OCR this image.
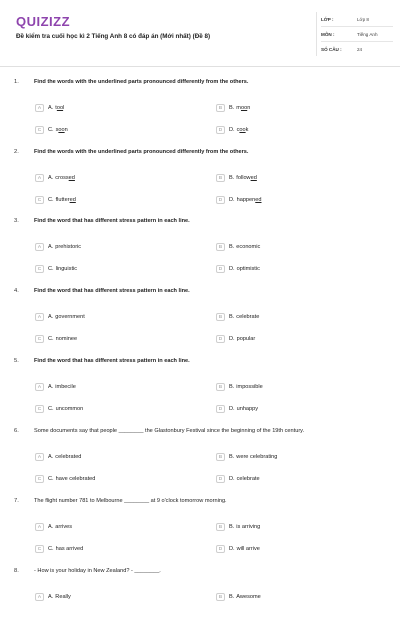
QUIZIZZ
Đề kiểm tra cuối học kì 2 Tiếng Anh 8 có đáp án (Mới nhất) (Đề 8)
LỚP :	Lớp 8
MÔN :	Tiếng Anh
SỐ CÂU :	24
1.	Find the words with the underlined parts pronounced differently from the others.
A	A. tool	B	B. moon
C	C. soon	D	D. cook
2.	Find the words with the underlined parts pronounced differently from the others.
A	A. crossed	B	B. followed
C	C. fluttered	D	D. happened
3.	Find the word that has different stress pattern in each line.
A	A. prehistoric	B	B. economic
C	C. linguistic	D	D. optimistic
4.	Find the word that has different stress pattern in each line.
A	A. government	B	B. celebrate
C	C. nominee	D	D. popular
5.	Find the word that has different stress pattern in each line.
A	A. imbecile	B	B. impossible
C	C. uncommon	D	D. unhappy
6.	Some documents say that people ________ the Glastonbury Festival since the beginning of the 19th century.
A	A. celebrated	B	B. were celebrating
C	C. have celebrated	D	D. celebrate
7.	The flight number 781 to Melbourne ________ at 9 o'clock tomorrow morning.
A	A. arrives	B	B. is arriving
C	C. has arrived	D	D. will arrive
8.	- How is your holiday in New Zealand? - ________.
A	A. Really	B	B. Awesome
